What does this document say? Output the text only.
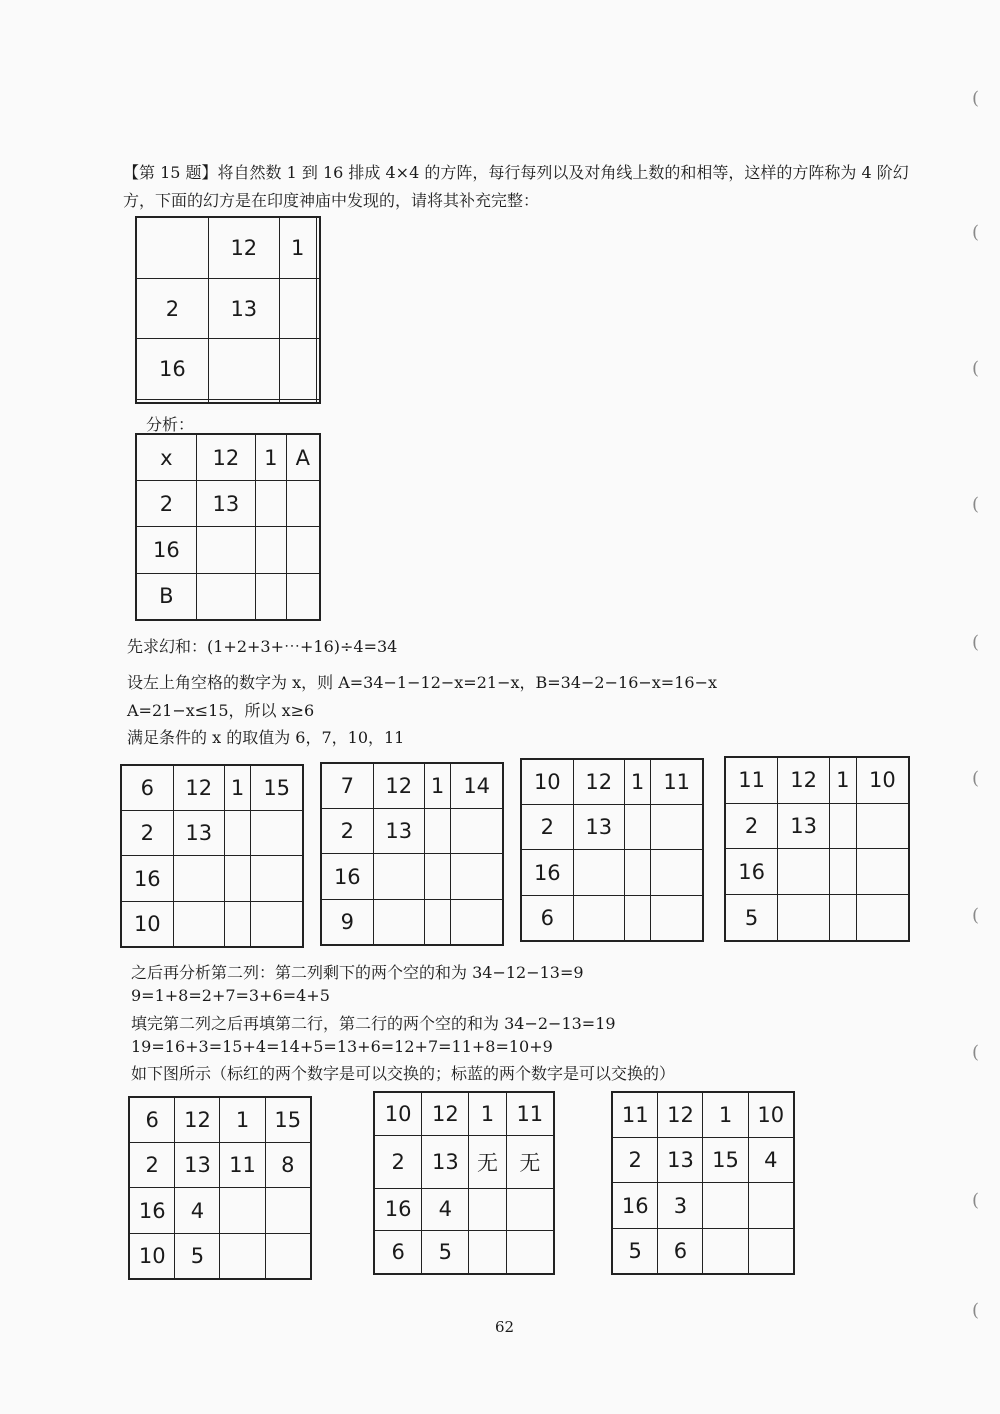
【第 15 题】将自然数 1 到 16 排成 4×4 的方阵，每行每列以及对角线上数的和相等，这样的方阵称为 4 阶幻
方，下面的幻方是在印度神庙中发现的，请将其补充完整：
	12	1	
2	13		
16			

分析：
x	12	1	A
2	13		
16			
B			
先求幻和：(1+2+3+⋯+16)÷4=34
设左上角空格的数字为 x，则 A=34−1−12−x=21−x，B=34−2−16−x=16−x
A=21−x≤15，所以 x≥6
满足条件的 x 的取值为 6，7，10，11
6	12	1	15
2	13		
16			
10			
7	12	1	14
2	13		
16			
9			
10	12	1	11
2	13		
16			
6			
11	12	1	10
2	13		
16			
5			
之后再分析第二列：第二列剩下的两个空的和为 34−12−13=9
9=1+8=2+7=3+6=4+5
填完第二列之后再填第二行，第二行的两个空的和为 34−2−13=19
19=16+3=15+4=14+5=13+6=12+7=11+8=10+9
如下图所示（标红的两个数字是可以交换的；标蓝的两个数字是可以交换的）
6	12	1	15
2	13	11	8
16	4		
10	5		
10	12	1	11
2	13	无	无
16	4		
6	5		
11	12	1	10
2	13	15	4
16	3		
5	6		
62
(
(
(
(
(
(
(
(
(
(
